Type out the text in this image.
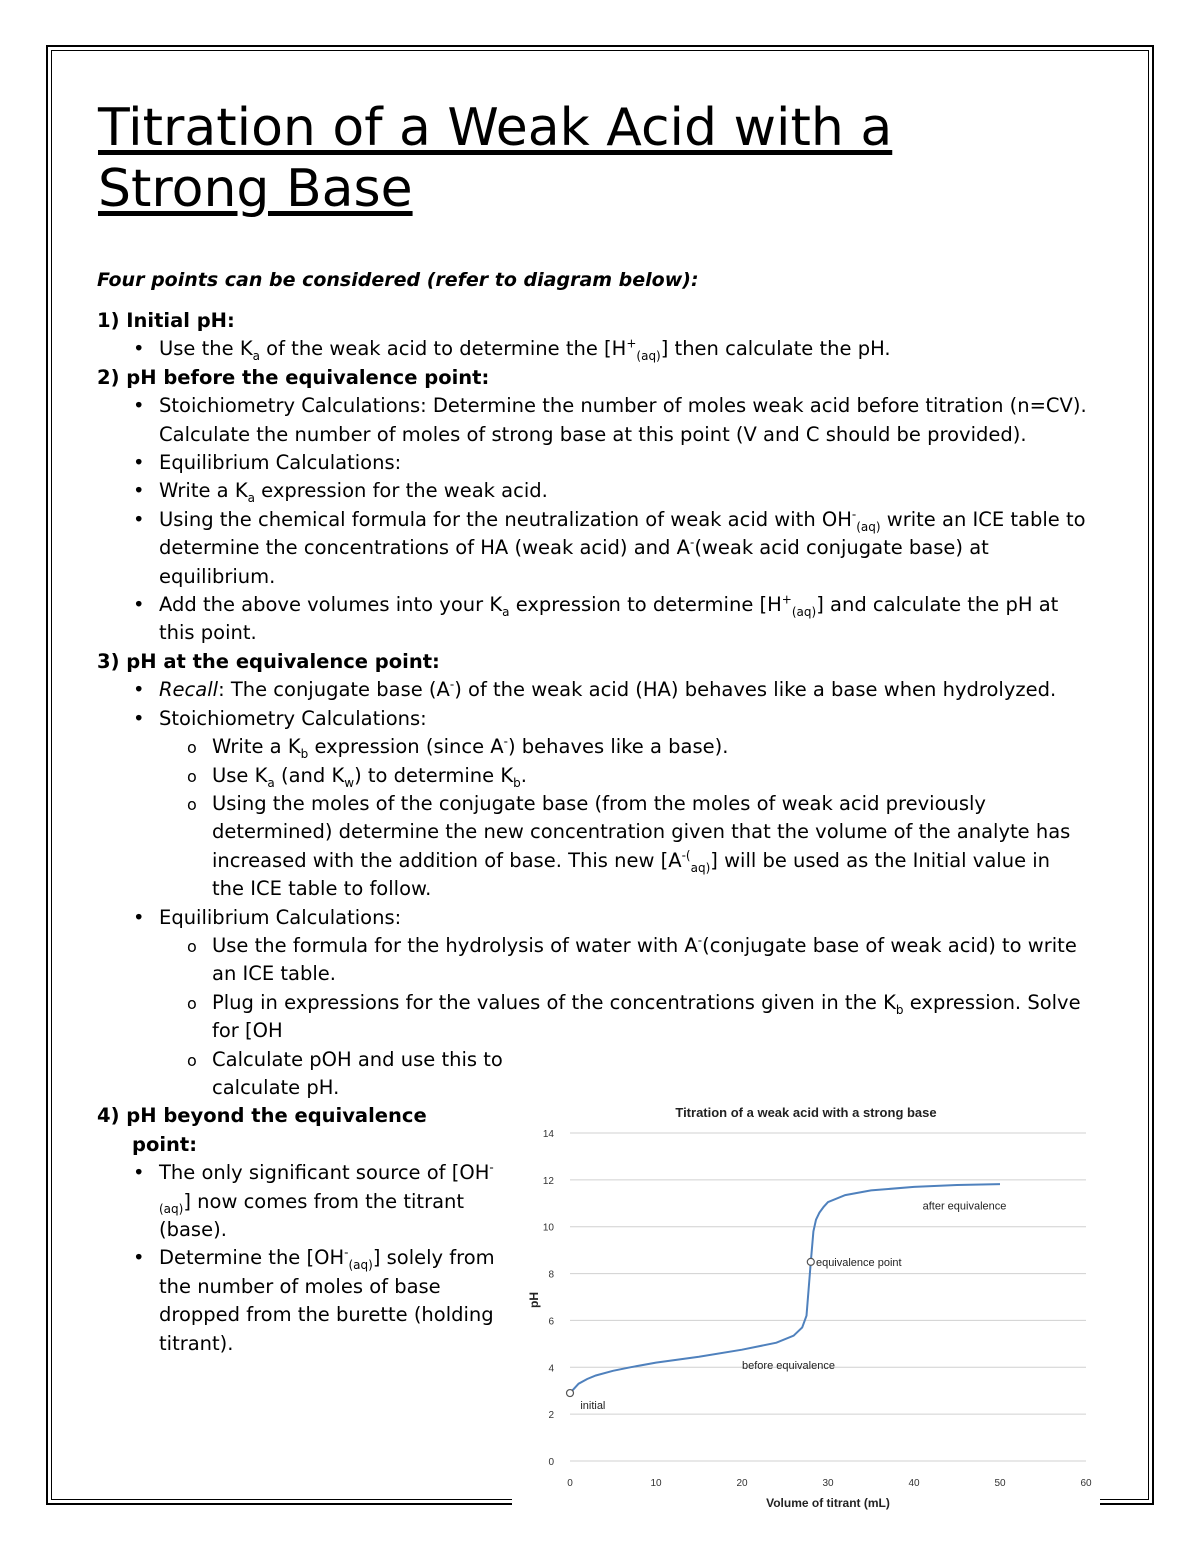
Titration of a Weak Acid with a Strong Base

Four points can be considered (refer to diagram below):

1) Initial pH:

• Use the $K_a$ of the weak acid to determine the $[H^+_{(aq)}]$ then calculate the pH.

2) pH before the equivalence point:

• Stoichiometry Calculations: Determine the number of moles weak acid before titration (n=CV). Calculate the number of moles of strong base at this point (V and C should be provided).
• Equilibrium Calculations:
• Write a $K_a$ expression for the weak acid.
• Using the chemical formula for the neutralization of weak acid with $OH^-_{(aq)}$ write an ICE table to determine the concentrations of HA (weak acid) and A-(weak acid conjugate base) at equilibrium.
• Add the above volumes into your $K_a$ expression to determine $[H^+_{(aq)}]$ and calculate the pH at this point.

3) pH at the equivalence point:

• Recall: The conjugate base (A-) of the weak acid (HA) behaves like a base when hydrolyzed.
• Stoichiometry Calculations:
o Write a $K_b$ expression (since A-) behaves like a base).
o Use $K_a$ (and $K_w$) to determine $K_b$.
o Using the moles of the conjugate base (from the moles of weak acid previously determined) determine the new concentration given that the volume of the analyte has increased with the addition of base. This new $[A^{-(}_{aq)}]$ will be used as the Initial value in the ICE table to follow.
• Equilibrium Calculations:
o Use the formula for the hydrolysis of water with A-(conjugate base of weak acid) to write an ICE table.
o Plug in expressions for the values of the concentrations given in the $K_b$ expression. Solve for [OH

o Calculate pOH and use this to calculate pH.

4) pH beyond the equivalence
point:

• The only significant source of $[OH^-_{(aq)}]$ now comes from the titrant (base).
• Determine the $[OH^-_{(aq)}]$ solely from the number of moles of base dropped from the burette (holding titrant).
Titration of a weak acid with a strong base
0
2
4
6
8
10
12
14
0	10	20	30	40	50	60
initial
before equivalence
equivalence point
after equivalence
Volume of titrant (mL)
pH
